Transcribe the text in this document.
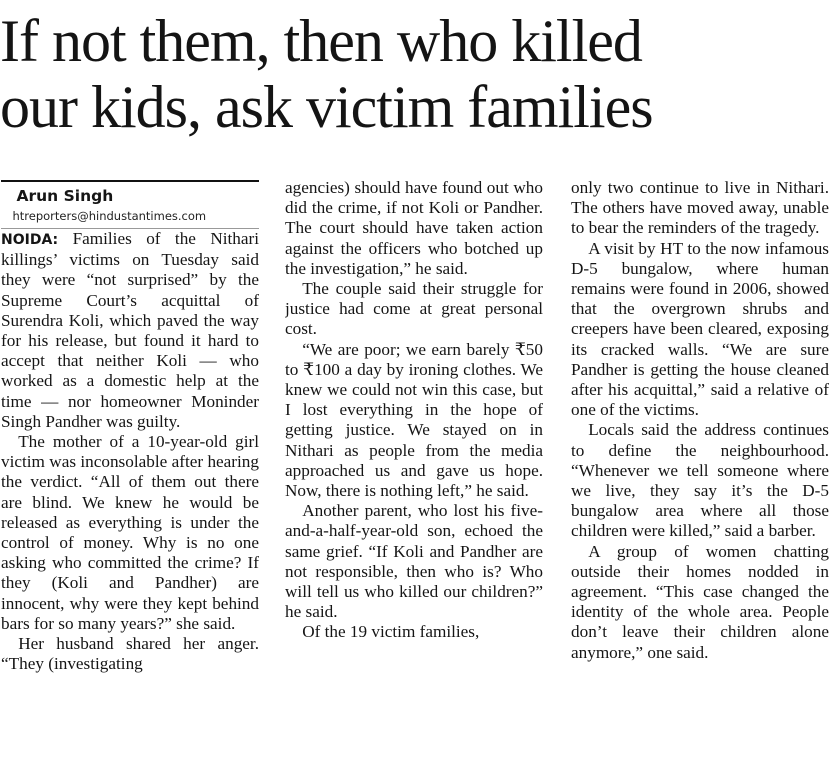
If not them, then who killed
our kids, ask victim families

Arun Singh

htreporters@hindustantimes.com

NOIDA: Families of the Nithari killings’ victims on Tuesday said they were “not surprised” by the Supreme Court’s acquittal of Surendra Koli, which paved the way for his release, but found it hard to accept that neither Koli — who worked as a domestic help at the time — nor homeowner Moninder Singh Pandher was guilty.

The mother of a 10-year-old girl victim was inconsolable after hearing the verdict. “All of them out there are blind. We knew he would be released as everything is under the control of money. Why is no one asking who committed the crime? If they (Koli and Pandher) are innocent, why were they kept behind bars for so many years?” she said.

Her husband shared her anger. “They (investigating

agencies) should have found out who did the crime, if not Koli or Pandher. The court should have taken action against the officers who botched up the investigation,” he said.

The couple said their struggle for justice had come at great personal cost.

“We are poor; we earn barely ₹50 to ₹100 a day by ironing clothes. We knew we could not win this case, but I lost everything in the hope of getting justice. We stayed on in Nithari as people from the media approached us and gave us hope. Now, there is nothing left,” he said.

Another parent, who lost his five-and-a-half-year-old son, echoed the same grief. “If Koli and Pandher are not responsible, then who is? Who will tell us who killed our children?” he said.

Of the 19 victim families,

only two continue to live in Nithari. The others have moved away, unable to bear the reminders of the tragedy.

A visit by HT to the now infamous D-5 bungalow, where human remains were found in 2006, showed that the overgrown shrubs and creepers have been cleared, exposing its cracked walls. “We are sure Pandher is getting the house cleaned after his acquittal,” said a relative of one of the victims.

Locals said the address continues to define the neighbourhood. “Whenever we tell someone where we live, they say it’s the D-5 bungalow area where all those children were killed,” said a barber.

A group of women chatting outside their homes nodded in agreement. “This case changed the identity of the whole area. People don’t leave their children alone anymore,” one said.
